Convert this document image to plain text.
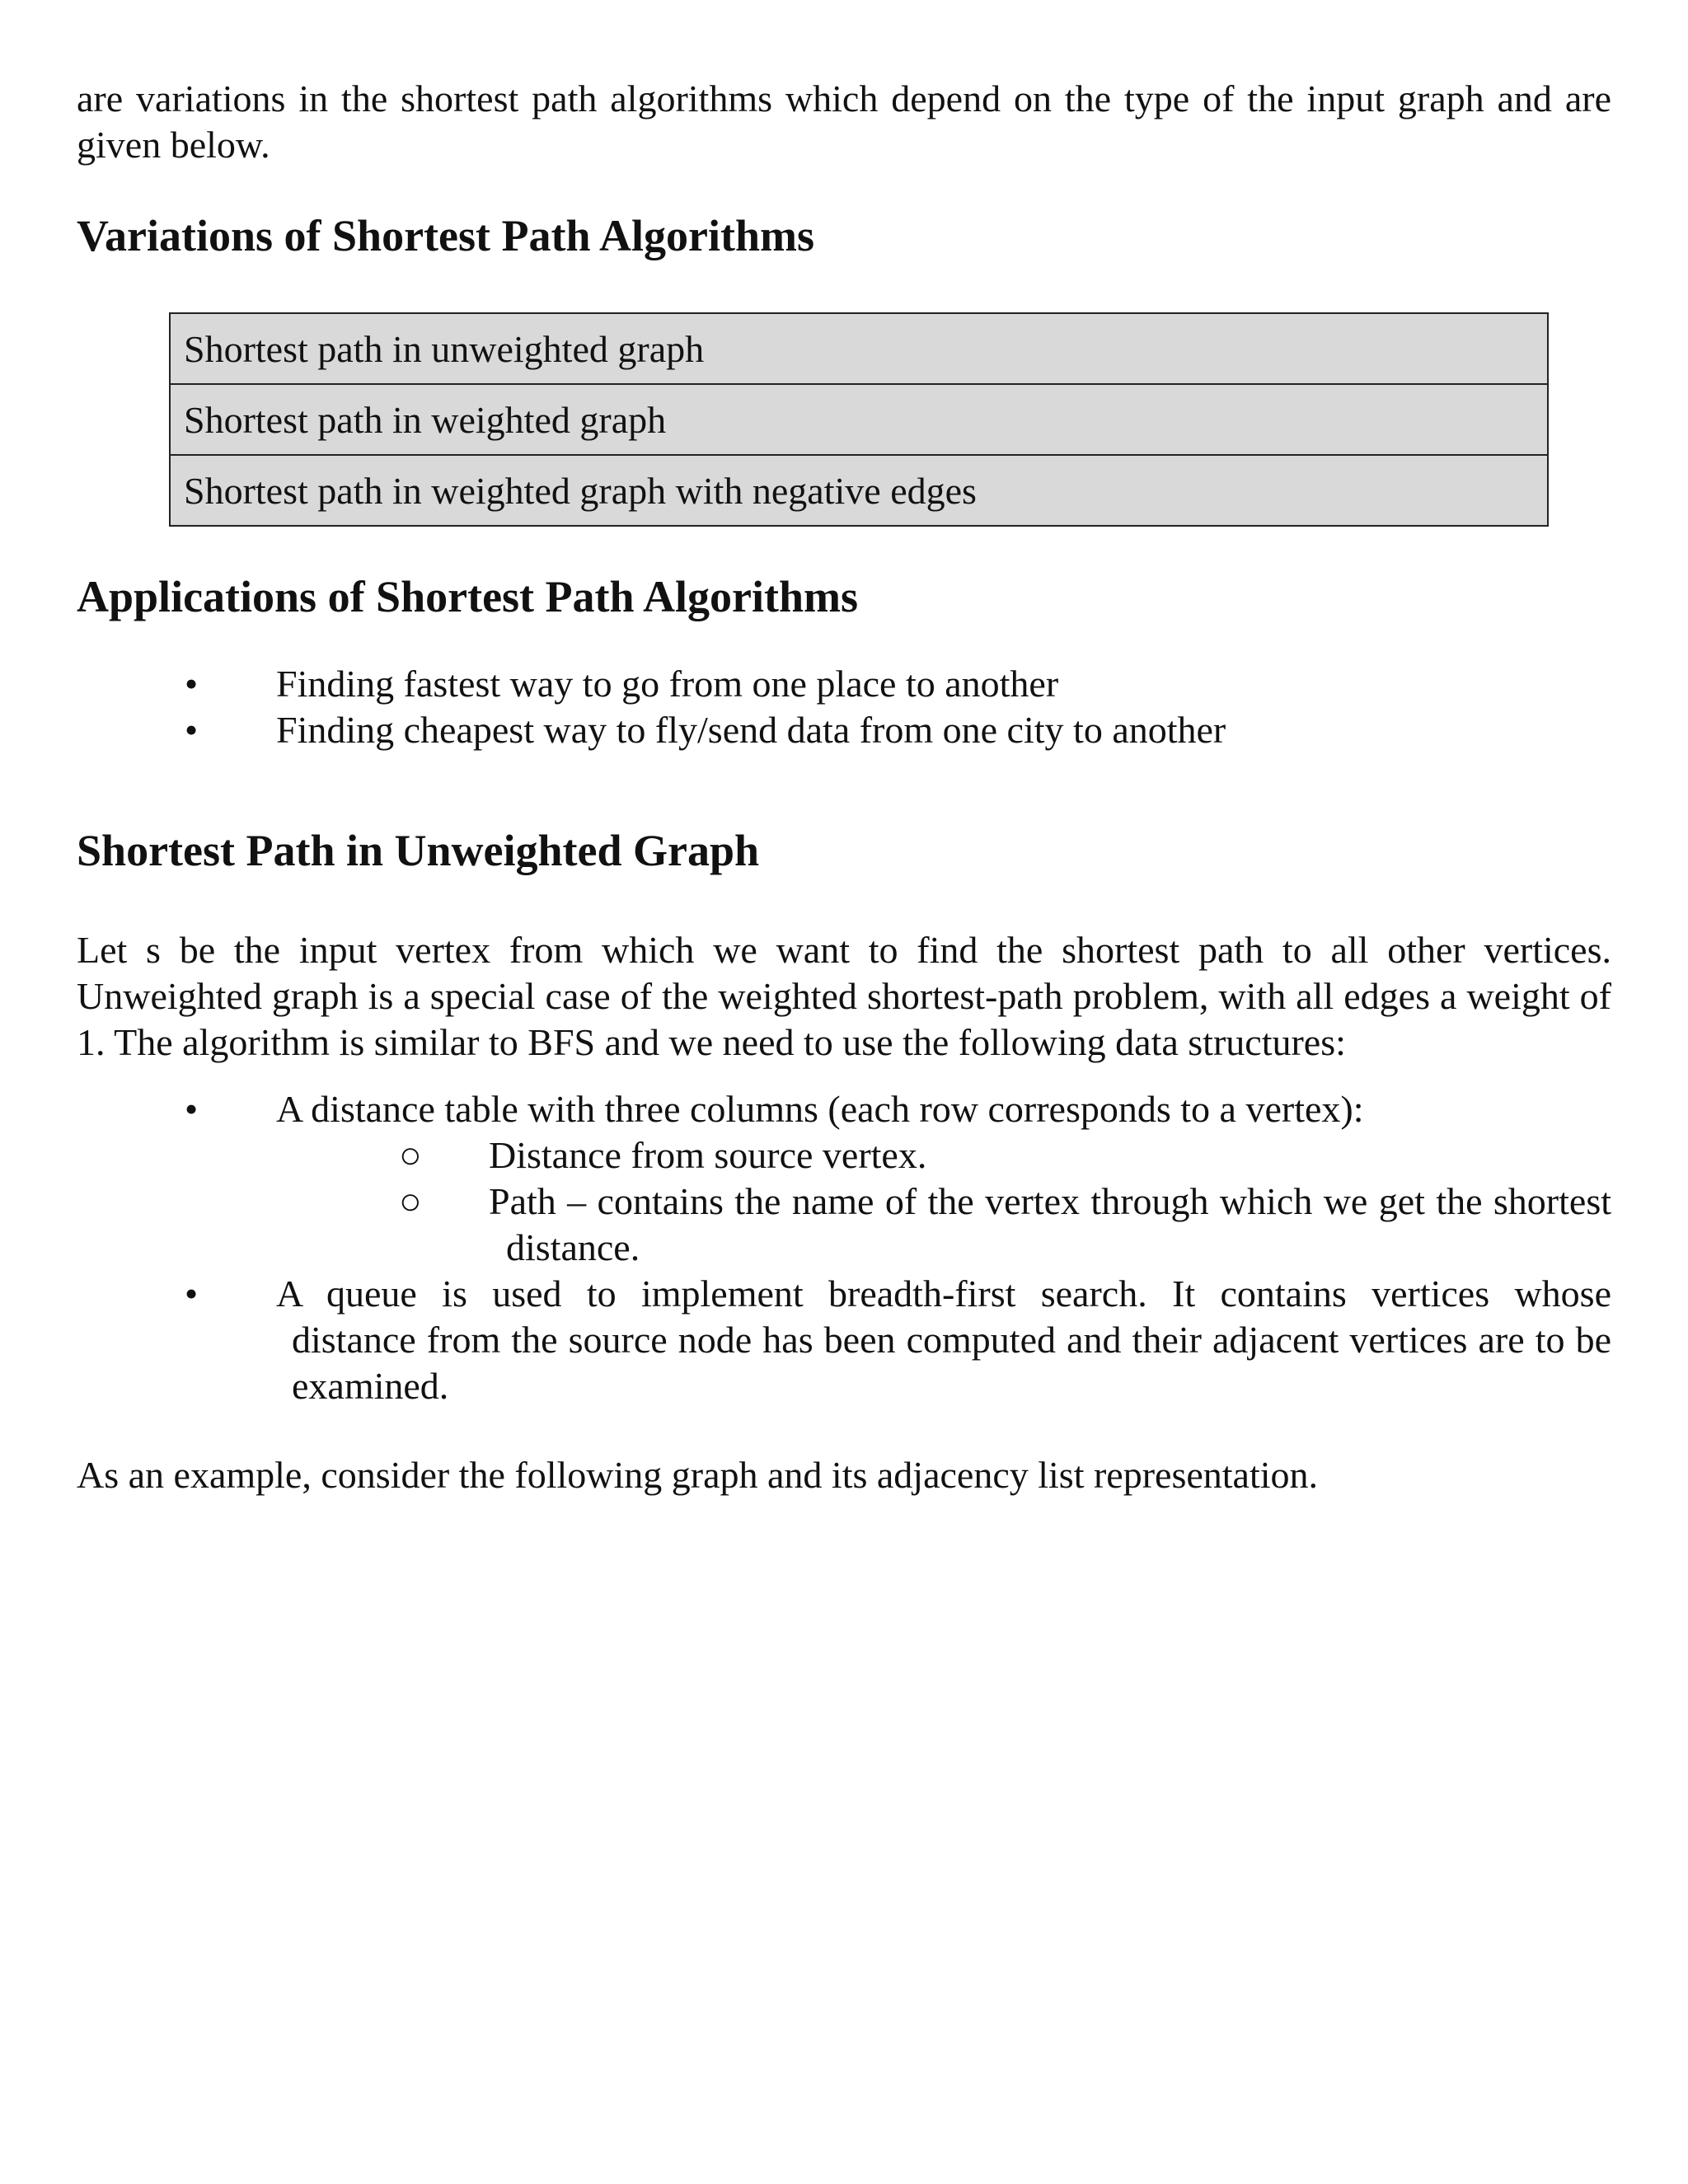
are variations in the shortest path algorithms which depend on the type of the input graph and are

given below.

Variations of Shortest Path Algorithms
Shortest path in unweighted graph
Shortest path in weighted graph
Shortest path in weighted graph with negative edges
Applications of Shortest Path Algorithms
• Finding fastest way to go from one place to another

• Finding cheapest way to fly/send data from one city to another

Shortest Path in Unweighted Graph

Let s be the input vertex from which we want to find the shortest path to all other vertices. Unweighted graph is a special case of the weighted shortest-path problem, with all edges a weight of 1. The algorithm is similar to BFS and we need to use the following data structures:

• A distance table with three columns (each row corresponds to a vertex):

○ Distance from source vertex.

○ Path – contains the name of the vertex through which we get the shortest

distance.

• A queue is used to implement breadth-first search. It contains vertices whose

distance from the source node has been computed and their adjacent vertices are to be examined.

As an example, consider the following graph and its adjacency list representation.
